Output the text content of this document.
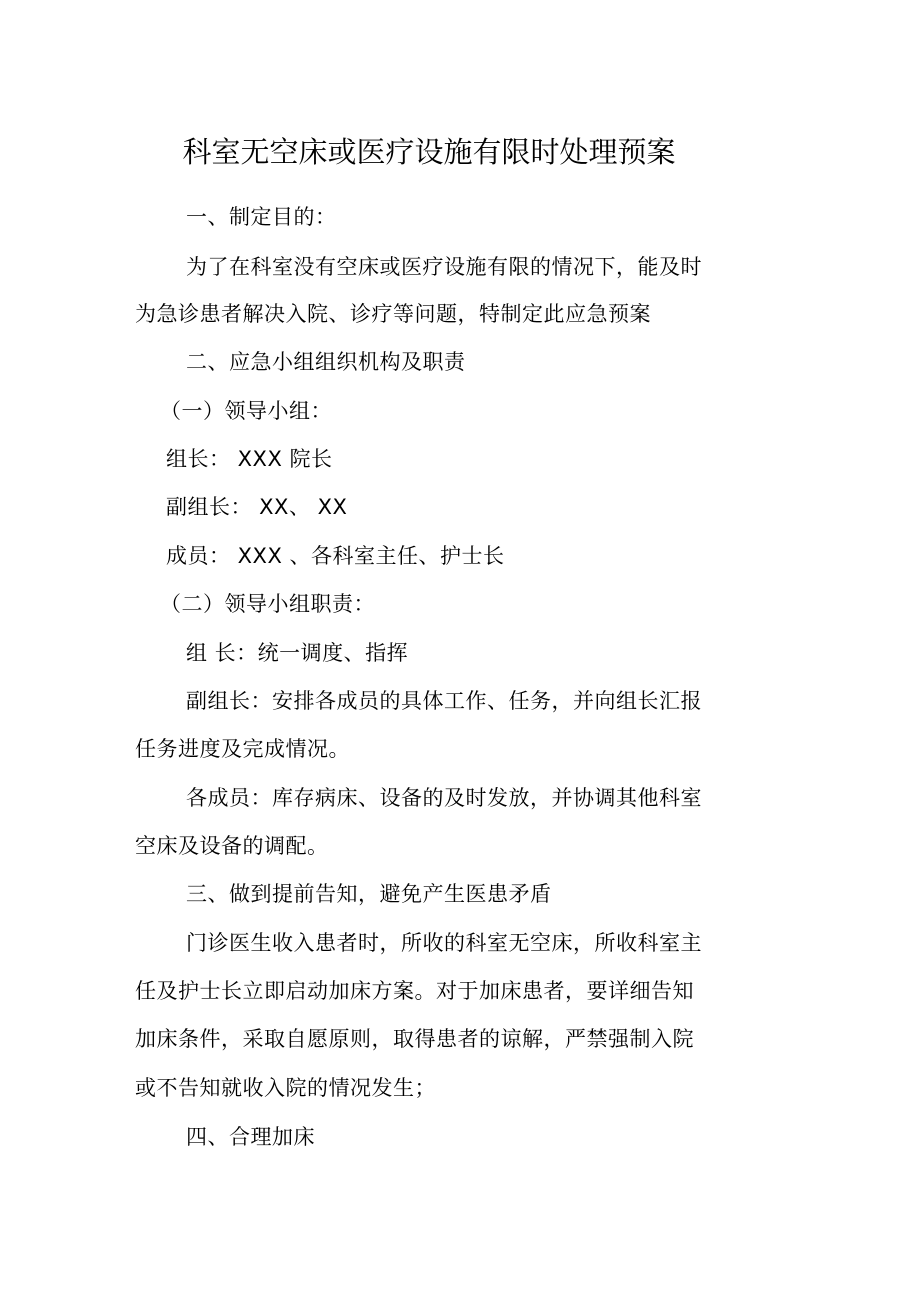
科室无空床或医疗设施有限时处理预案
一、制定目的：
为了在科室没有空床或医疗设施有限的情况下，能及时
为急诊患者解决入院、诊疗等问题，特制定此应急预案
二、应急小组组织机构及职责
（一）领导小组：
组长： XXX 院长
副组长： XX、 XX
成员： XXX 、各科室主任、护士长
（二）领导小组职责：
组 长：统一调度、指挥
副组长：安排各成员的具体工作、任务，并向组长汇报
任务进度及完成情况。
各成员：库存病床、设备的及时发放，并协调其他科室
空床及设备的调配。
三、做到提前告知，避免产生医患矛盾
门诊医生收入患者时，所收的科室无空床，所收科室主
任及护士长立即启动加床方案。对于加床患者，要详细告知
加床条件，采取自愿原则，取得患者的谅解，严禁强制入院
或不告知就收入院的情况发生；
四、合理加床
